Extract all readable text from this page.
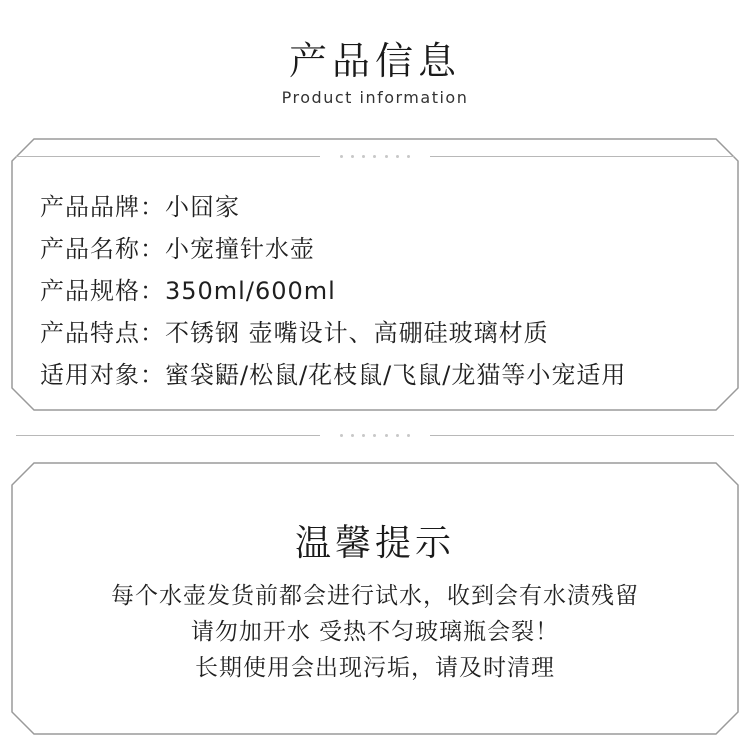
产品信息
Product information
产品品牌：小囧家
产品名称：小宠撞针水壶
产品规格：350ml/600ml
产品特点：不锈钢 壶嘴设计、高硼硅玻璃材质
适用对象：蜜袋鼯/松鼠/花枝鼠/飞鼠/龙猫等小宠适用
温馨提示
每个水壶发货前都会进行试水，收到会有水渍残留
请勿加开水 受热不匀玻璃瓶会裂！
长期使用会出现污垢，请及时清理
